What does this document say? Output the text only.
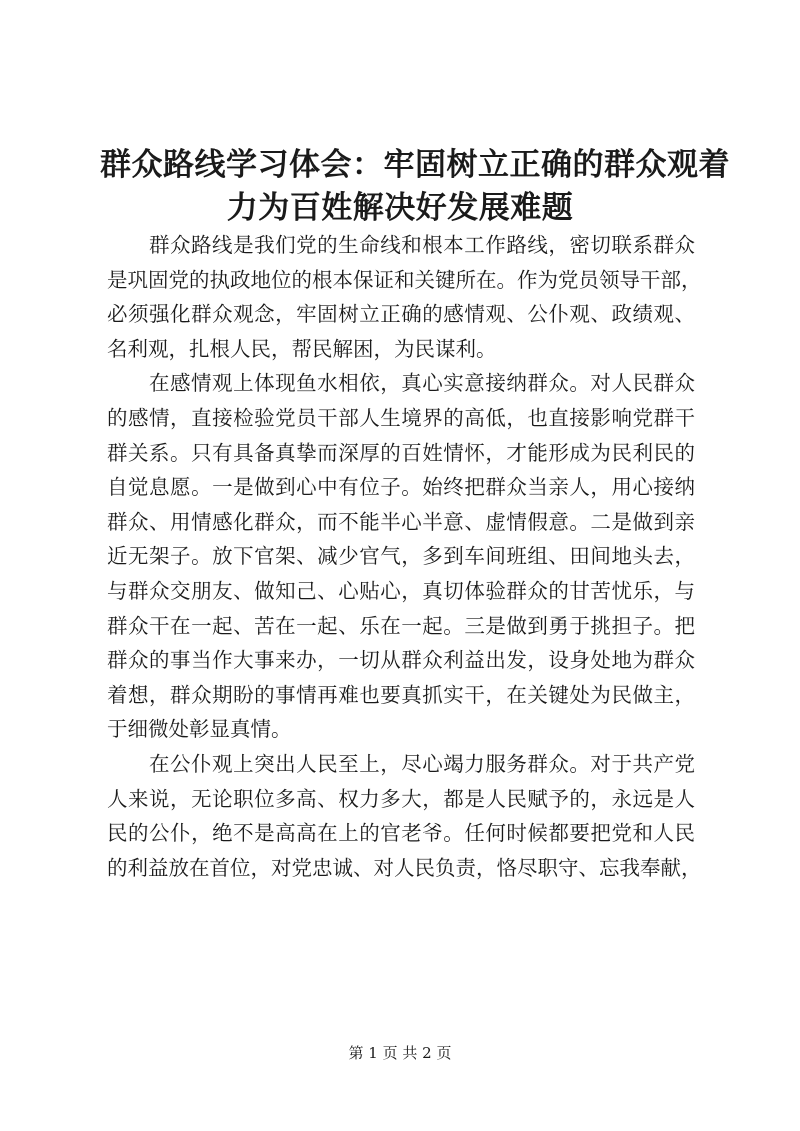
群众路线学习体会：牢固树立正确的群众观着
力为百姓解决好发展难题
群众路线是我们党的生命线和根本工作路线，密切联系群众
是巩固党的执政地位的根本保证和关键所在。作为党员领导干部，
必须强化群众观念，牢固树立正确的感情观、公仆观、政绩观、
名利观，扎根人民，帮民解困，为民谋利。
在感情观上体现鱼水相依，真心实意接纳群众。对人民群众
的感情，直接检验党员干部人生境界的高低，也直接影响党群干
群关系。只有具备真挚而深厚的百姓情怀，才能形成为民利民的
自觉息愿。一是做到心中有位子。始终把群众当亲人，用心接纳
群众、用情感化群众，而不能半心半意、虚情假意。二是做到亲
近无架子。放下官架、减少官气，多到车间班组、田间地头去，
与群众交朋友、做知己、心贴心，真切体验群众的甘苦忧乐，与
群众干在一起、苦在一起、乐在一起。三是做到勇于挑担子。把
群众的事当作大事来办，一切从群众利益出发，设身处地为群众
着想，群众期盼的事情再难也要真抓实干，在关键处为民做主，
于细微处彰显真情。
在公仆观上突出人民至上，尽心竭力服务群众。对于共产党
人来说，无论职位多高、权力多大，都是人民赋予的，永远是人
民的公仆，绝不是高高在上的官老爷。任何时候都要把党和人民
的利益放在首位，对党忠诚、对人民负责，恪尽职守、忘我奉献，
第 1 页 共 2 页
